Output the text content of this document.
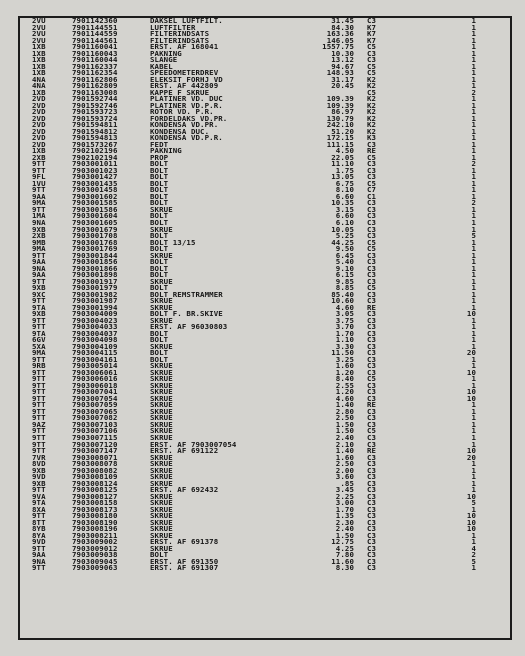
2VU	7901142360	DAKSEL LUFTFILT.	31.45 C3	1
2VU	7901144551	LUFTFILTER	84.30 K7	1
2VU	7901144559	FILTERINDSATS	163.36 K7	1
2VU	7901144561	FILTERINDSATS	146.05 K7	1
1XB	7901160041	ERST. AF 168041	1557.75 C5	1
1XB	7901160043	PAKNING	10.30 C3	1
1XB	7901160044	SLANGE	13.12 C3	1
1XB	7901162337	KABEL	94.67 C5	1
1XB	7901162354	SPEEDOMETERDREV	148.93 C5	1
4NA	7901162806	ELEKSIT FORHJ VD	31.17 K2	1
4NA	7901162809	ERST. AF 442809	20.45 K2	1
1XB	7901163008	KAPPE F SKRUE	C5	2
2VD	7901592744	PLATINER VD. DUC	109.39 K2	1
2VD	7901592746	PLATINER VD.P.R.	109.39 K2	1
2VD	7901593723	ROTOR VD. P.R.	86.97 K2	1
2VD	7901593724	FORDELDAKS VD.PR.	130.79 K2	1
2VD	7901594811	KONDENSA VD.PR.	242.10 K2	1
2VD	7901594812	KONDENSA DUC.	51.20 K2	1
2VD	7901594813	KONDENSA VD.P.R.	172.15 K3	1
2VD	7901573267	FEDT	111.15 C3	1
1XB	7902102196	PAKNING	4.50 RE	1
2XB	7902102194	PROP	22.05 C5	1
9TT	7903001011	BOLT	11.10 C3	2
9TT	7903001023	BOLT	1.75 C3	1
9FL	7903001427	BOLT	13.05 C3	1
1VU	7903001435	BOLT	6.75 C5	1
9TT	7903001458	BOLT	8.10 C7	1
9AA	7903001602	BOLT	6.60 C1	1
9MA	7903001585	BOLT	10.35 C3	2
9TT	7903001586	SKRUE	3.15 C3	1
1MA	7903001604	BOLT	6.60 C3	1
9NA	7903001605	BOLT	6.10 C3	1
9XB	7903001679	SKRUE	10.05 C3	1
2XB	7903001708	BOLT	5.25 C3	5
9MB	7903001768	BOLT 13/15	44.25 C5	1
9MA	7903001769	BOLT	9.50 C5	1
9TT	7903001844	SKRUE	6.45 C3	1
9AA	7903001856	BOLT	5.40 C3	1
9NA	7903001866	BOLT	9.10 C3	1
9AA	7903001898	BOLT	6.15 C3	1
9TT	7903001917	SKRUE	9.85 C3	1
9XB	7903001979	BOLT	8.85 C5	1
9XC	7903001982	BOLT REMSTRAMMER	85.40 C3	1
9TT	7903001987	SKRUE	10.60 C3	1
9TA	7903001994	SKRUE	4.60 RE	1
9XB	7903004009	BOLT F. BR.SKIVE	3.05 C3	10
9TT	7903004023	SKRUE	3.75 C3	1
9TT	7903004033	ERST. AF 96030803	3.70 C3	1
9TA	7903004037	BOLT	1.70 C3	1
6GV	7903004098	BOLT	1.10 C3	1
5XA	7903004109	SKRUE	3.30 C3	1
9MA	7903004115	BOLT	11.50 C3	20
9TT	7903004161	BOLT	3.25 C3	1
9RB	7903005014	SKRUE	1.60 C3	1
9TT	7903006061	SKRUE	1.20 C3	10
9TT	7903006016	SKRUE	8.40 C5	1
9TT	7903006018	SKRUE	2.55 C3	1
9TT	7903007041	SKRUE	1.20 C3	10
9TT	7903007054	SKRUE	4.60 C3	10
9TT	7903007059	SKRUE	1.40 RE	1
9TT	7903007065	SKRUE	2.80 C3	1
9TT	7903007082	SKRUE	2.50 C3	1
9AZ	7903007103	SKRUE	1.50 C3	1
9TT	7903007106	SKRUE	1.50 C5	1
9TT	7903007115	SKRUE	2.40 C3	1
9TT	7903007120	ERST. AF 7903007054	2.10 C3	1
9TT	7903007147	ERST. AF 691122	1.40 RE	10
7VR	7903008071	SKRUE	1.60 C3	20
8VD	7903008078	SKRUE	2.50 C3	1
9XB	7903008082	SKRUE	2.00 C3	1
9VD	7903008109	SKRUE	3.60 C3	1
9XB	7903008124	SKRUE	.85 C3	1
9TT	7903008125	ERST. AF 692432	3.45 C3	1
9VA	7903008127	SKRUE	2.25 C3	10
9TA	7903008158	SKRUE	3.00 C3	5
8XA	7903008173	SKRUE	1.70 C3	1
9TT	7903008180	SKRUE	1.35 C3	10
8TT	7903008190	SKRUE	2.30 C3	10
8YB	7903008196	SKRUE	2.40 C3	10
8YA	7903008211	SKRUE	1.50 C3	1
9VD	7903009002	ERST. AF 691378	12.75 C3	1
9TT	7903009012	SKRUE	4.25 C3	4
9AA	7903009038	BOLT	7.80 C3	2
9NA	7903009045	ERST. AF 691350	11.60 C3	5
9TT	7903009063	ERST. AF 691307	8.30 C3	1
